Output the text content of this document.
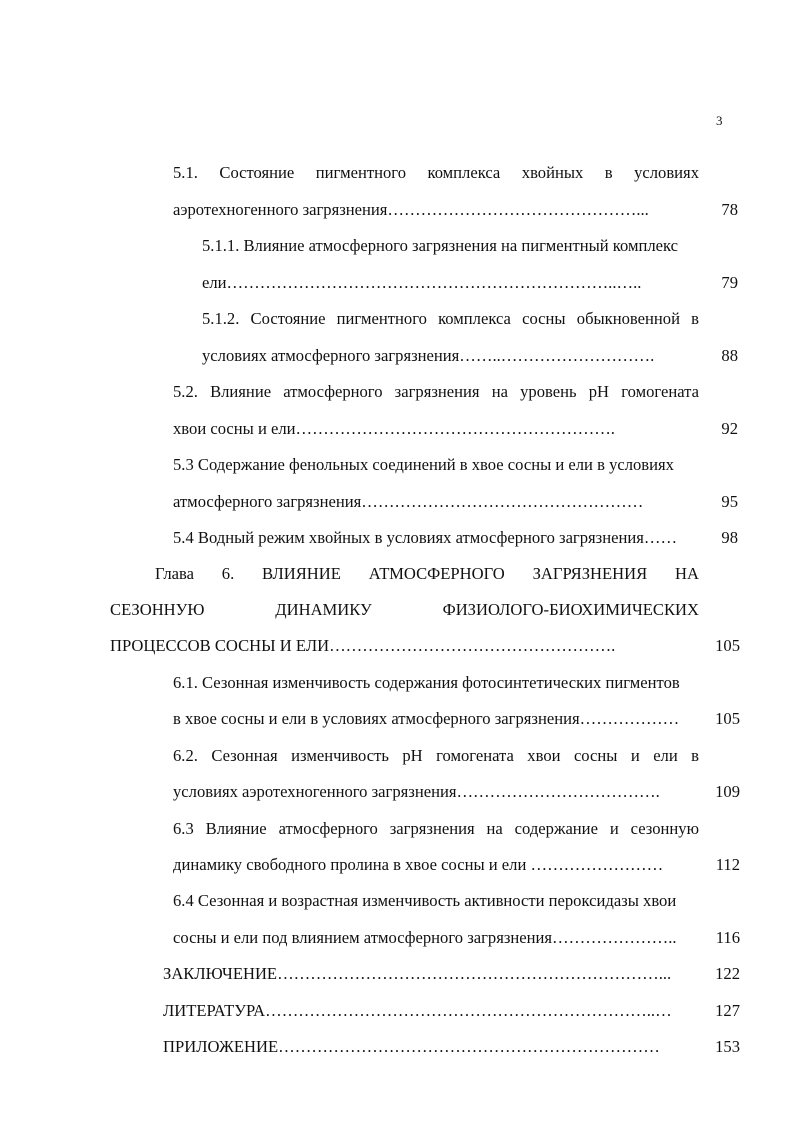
3
5.1. Состояние пигментного комплекса хвойных в условиях
аэротехногенного загрязнения………………………………………...	78
5.1.1. Влияние атмосферного загрязнения на пигментный комплекс
ели……………………………………………………………..…..	79
5.1.2. Состояние пигментного комплекса сосны обыкновенной в
условиях атмосферного загрязнения……..……………………….	88
5.2. Влияние атмосферного загрязнения на уровень pH гомогената
хвои сосны и ели………………………………………………….	92
5.3 Содержание фенольных соединений в хвое сосны и ели в условиях
атмосферного загрязнения……………………………………………	95
5.4 Водный режим хвойных в условиях атмосферного загрязнения……	98
Глава 6. ВЛИЯНИЕ АТМОСФЕРНОГО ЗАГРЯЗНЕНИЯ НА
СЕЗОННУЮ ДИНАМИКУ ФИЗИОЛОГО-БИОХИМИЧЕСКИХ
ПРОЦЕССОВ СОСНЫ И ЕЛИ…………………………………………….	105
6.1. Сезонная изменчивость содержания фотосинтетических пигментов
в хвое сосны и ели в условиях атмосферного загрязнения………………	105
6.2. Сезонная изменчивость pH гомогената хвои сосны и ели в
условиях аэротехногенного загрязнения……………………………….	109
6.3 Влияние атмосферного загрязнения на содержание и сезонную
динамику свободного пролина в хвое сосны и ели ……………………	112
6.4 Сезонная и возрастная изменчивость активности пероксидазы хвои
сосны и ели под влиянием атмосферного загрязнения…………………..	116
ЗАКЛЮЧЕНИЕ……………………………………………………………...	122
ЛИТЕРАТУРА……………………………………………………………..…	127
ПРИЛОЖЕНИЕ……………………………………………………………	153
